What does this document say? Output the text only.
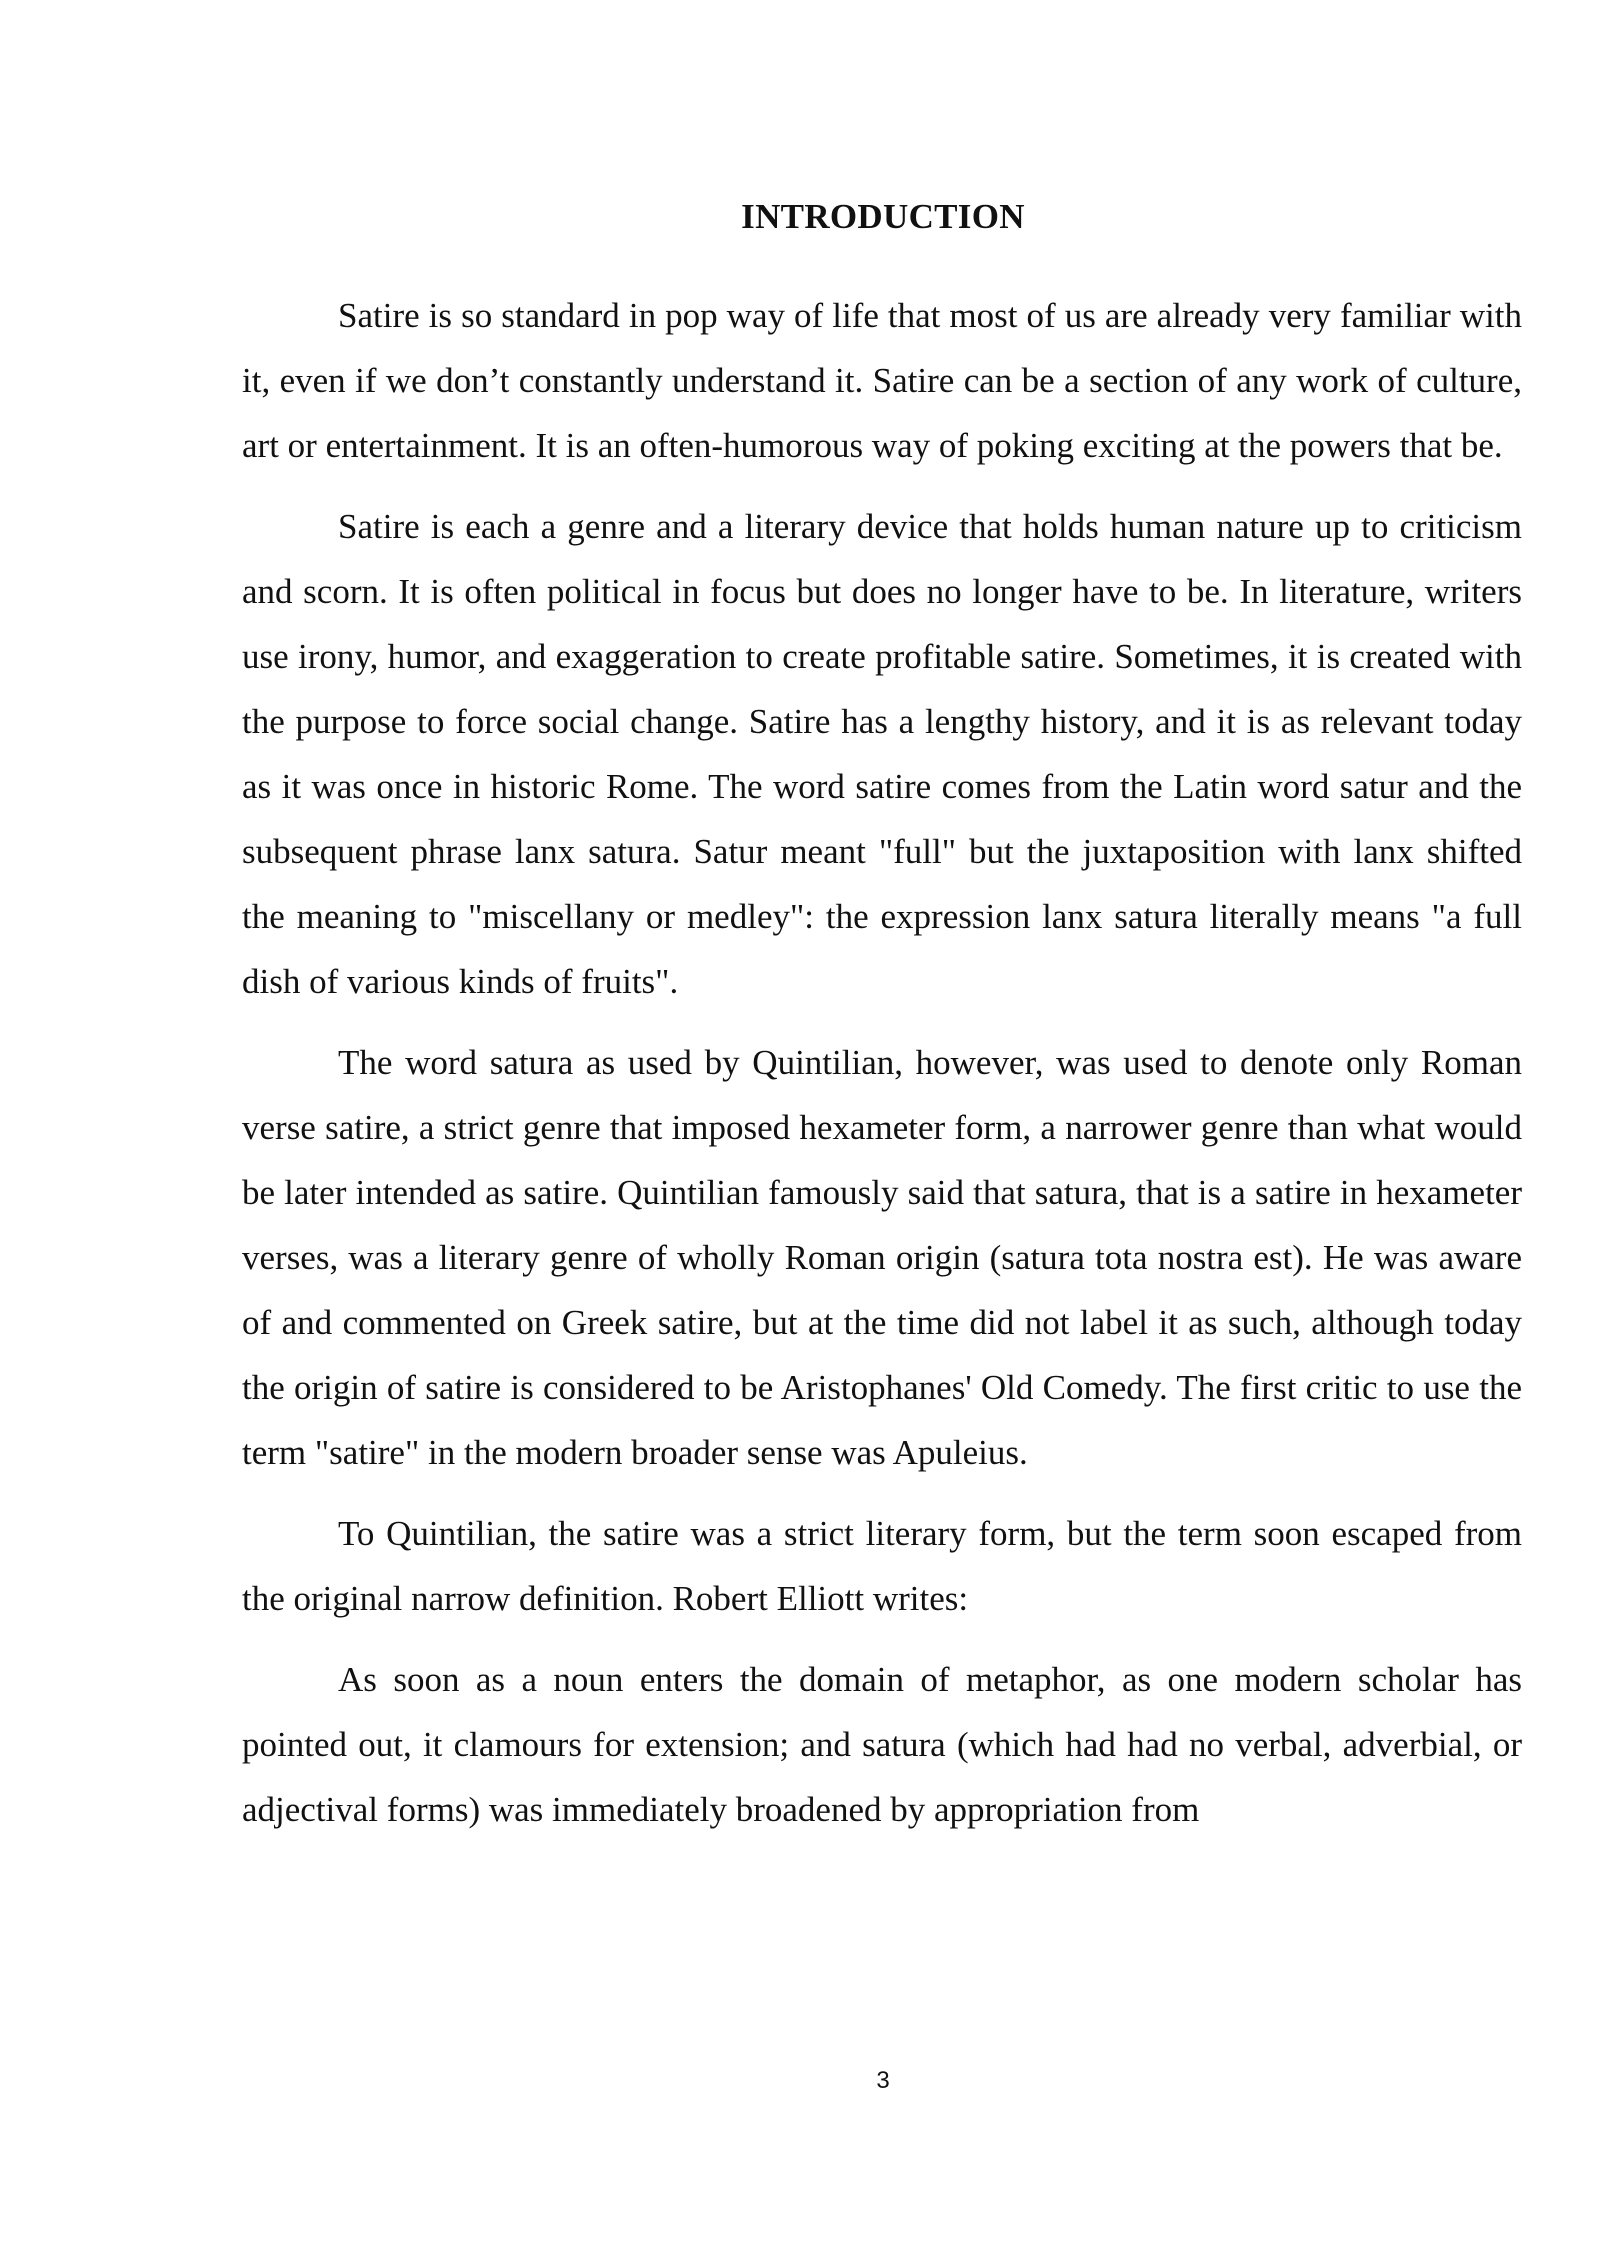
INTRODUCTION

Satire is so standard in pop way of life that most of us are already very familiar with it, even if we don’t constantly understand it. Satire can be a section of any work of culture, art or entertainment. It is an often-humorous way of poking exciting at the powers that be.

Satire is each a genre and a literary device that holds human nature up to criticism and scorn. It is often political in focus but does no longer have to be. In literature, writers use irony, humor, and exaggeration to create profitable satire. Sometimes, it is created with the purpose to force social change. Satire has a lengthy history, and it is as relevant today as it was once in historic Rome. The word satire comes from the Latin word satur and the subsequent phrase lanx satura. Satur meant "full" but the juxtaposition with lanx shifted the meaning to "miscellany or medley": the expression lanx satura literally means "a full dish of various kinds of fruits".

The word satura as used by Quintilian, however, was used to denote only Roman verse satire, a strict genre that imposed hexameter form, a narrower genre than what would be later intended as satire. Quintilian famously said that satura, that is a satire in hexameter verses, was a literary genre of wholly Roman origin (satura tota nostra est). He was aware of and commented on Greek satire, but at the time did not label it as such, although today the origin of satire is considered to be Aristophanes' Old Comedy. The first critic to use the term "satire" in the modern broader sense was Apuleius.

To Quintilian, the satire was a strict literary form, but the term soon escaped from the original narrow definition. Robert Elliott writes:

As soon as a noun enters the domain of metaphor, as one modern scholar has pointed out, it clamours for extension; and satura (which had had no verbal, adverbial, or adjectival forms) was immediately broadened by appropriation from

3
